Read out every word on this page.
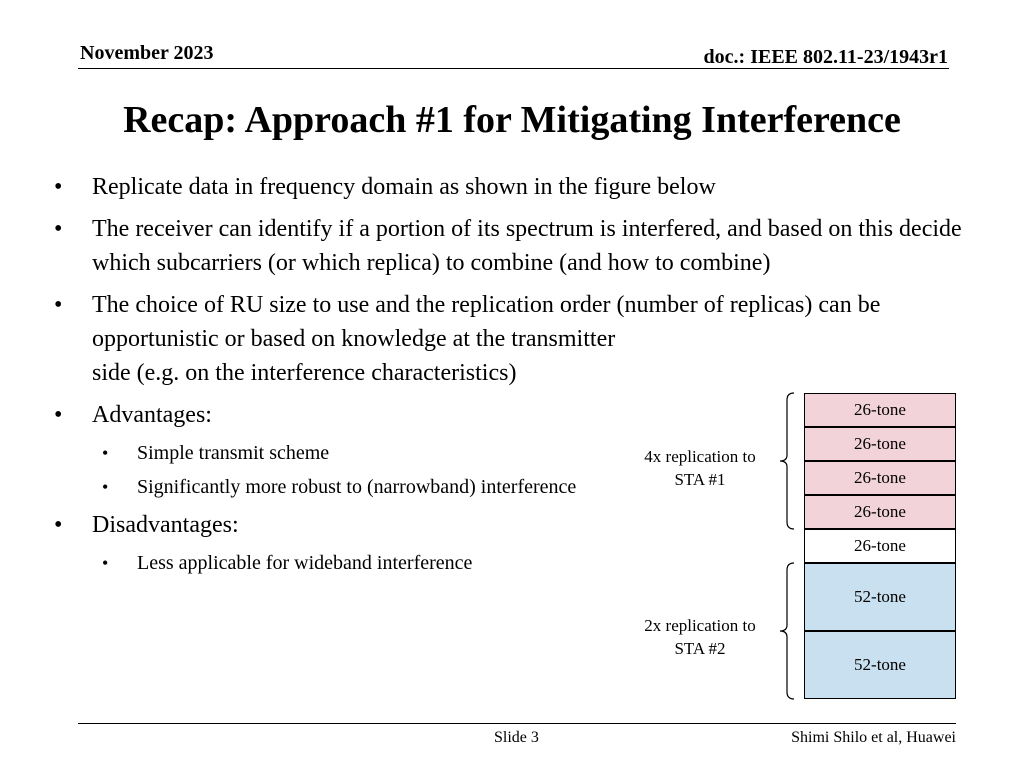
November 2023	doc.: IEEE 802.11-23/1943r1
Recap: Approach #1 for Mitigating Interference
• Replicate data in frequency domain as shown in the figure below
• The receiver can identify if a portion of its spectrum is interfered, and based on this decide which subcarriers (or which replica) to combine (and how to combine)
• The choice of RU size to use and the replication order (number of replicas) can be opportunistic or based on knowledge at the transmitter
side (e.g. on the interference characteristics)
• Advantages:
• Simple transmit scheme
• Significantly more robust to (narrowband) interference
• Disadvantages:
• Less applicable for wideband interference
26-tone
26-tone
26-tone
26-tone
26-tone
52-tone
52-tone
4x replication to
STA #1
2x replication to
STA #2
Slide 3	Shimi Shilo et al, Huawei
